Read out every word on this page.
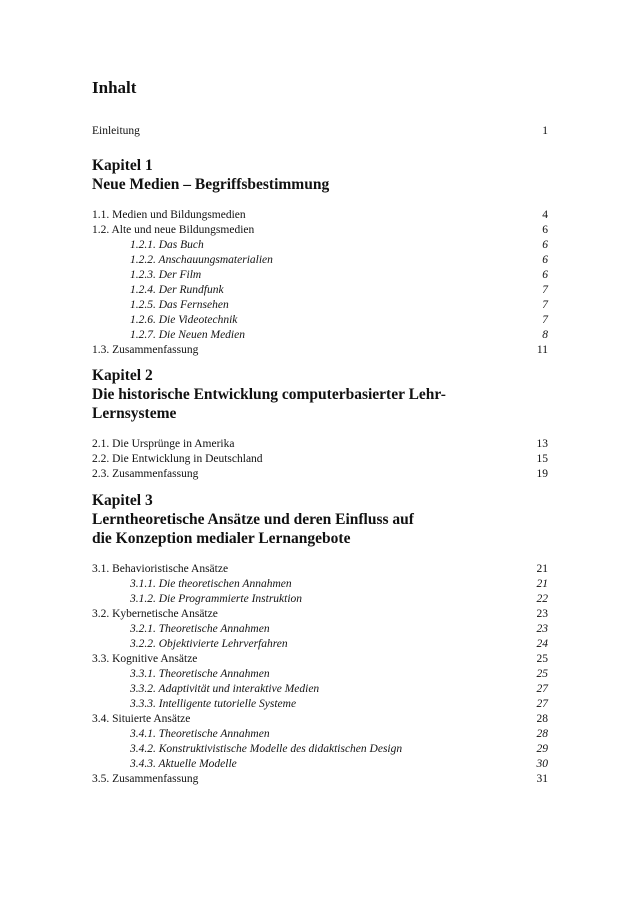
Inhalt
Einleitung	1
Kapitel 1
Neue Medien – Begriffsbestimmung
1.1. Medien und Bildungsmedien	4
1.2. Alte und neue Bildungsmedien	6
1.2.1. Das Buch	6
1.2.2. Anschauungsmaterialien	6
1.2.3. Der Film	6
1.2.4. Der Rundfunk	7
1.2.5. Das Fernsehen	7
1.2.6. Die Videotechnik	7
1.2.7. Die Neuen Medien	8
1.3. Zusammenfassung	11
Kapitel 2
Die historische Entwicklung computerbasierter Lehr-
Lernsysteme
2.1. Die Ursprünge in Amerika	13
2.2. Die Entwicklung in Deutschland	15
2.3. Zusammenfassung	19
Kapitel 3
Lerntheoretische Ansätze und deren Einfluss auf
die Konzeption medialer Lernangebote
3.1. Behavioristische Ansätze	21
3.1.1. Die theoretischen Annahmen	21
3.1.2. Die Programmierte Instruktion	22
3.2. Kybernetische Ansätze	23
3.2.1. Theoretische Annahmen	23
3.2.2. Objektivierte Lehrverfahren	24
3.3. Kognitive Ansätze	25
3.3.1. Theoretische Annahmen	25
3.3.2. Adaptivität und interaktive Medien	27
3.3.3. Intelligente tutorielle Systeme	27
3.4. Situierte Ansätze	28
3.4.1. Theoretische Annahmen	28
3.4.2. Konstruktivistische Modelle des didaktischen Design	29
3.4.3. Aktuelle Modelle	30
3.5. Zusammenfassung	31
